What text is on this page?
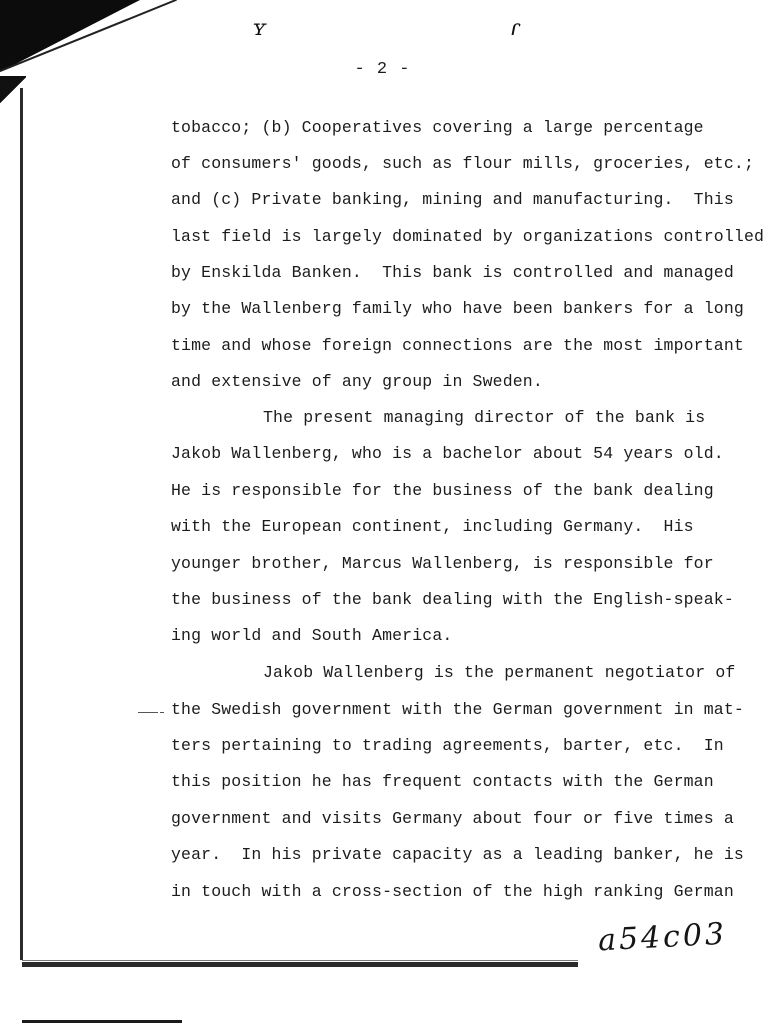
ʏ	ɾ
- 2 -
tobacco; (b) Cooperatives covering a large percentage
of consumers' goods, such as flour mills, groceries, etc.;
and (c) Private banking, mining and manufacturing.  This
last field is largely dominated by organizations controlled
by Enskilda Banken.  This bank is controlled and managed
by the Wallenberg family who have been bankers for a long
time and whose foreign connections are the most important
and extensive of any group in Sweden.
The present managing director of the bank is
Jakob Wallenberg, who is a bachelor about 54 years old.
He is responsible for the business of the bank dealing
with the European continent, including Germany.  His
younger brother, Marcus Wallenberg, is responsible for
the business of the bank dealing with the English-speak-
ing world and South America.
Jakob Wallenberg is the permanent negotiator of
the Swedish government with the German government in mat-
ters pertaining to trading agreements, barter, etc.  In
this position he has frequent contacts with the German
government and visits Germany about four or five times a
year.  In his private capacity as a leading banker, he is
in touch with a cross-section of the high ranking German
a54c03
